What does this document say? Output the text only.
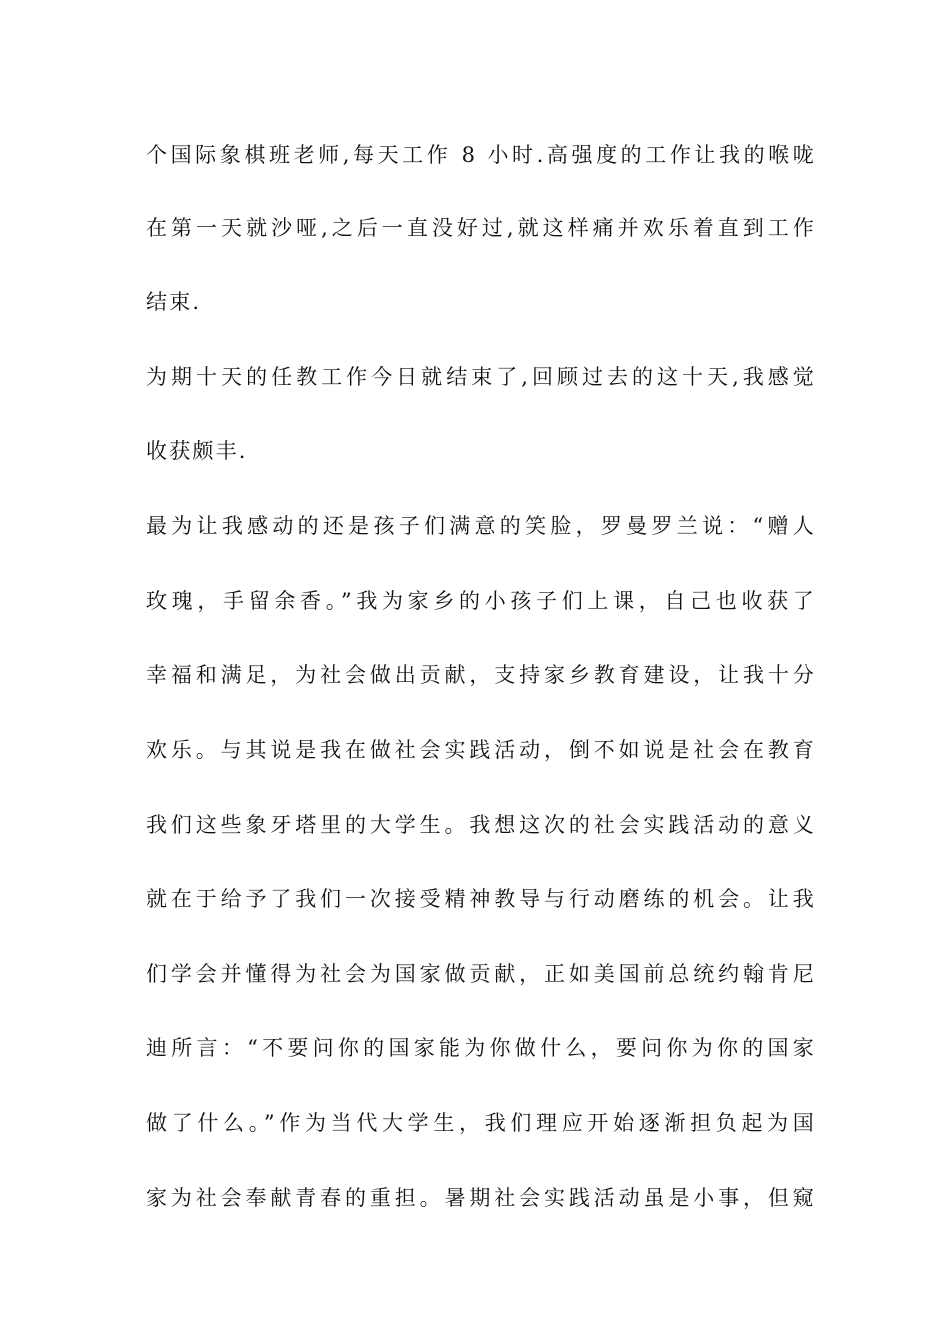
个国际象棋班老师,每天工作 8 小时.高强度的工作让我的喉咙

在第一天就沙哑,之后一直没好过,就这样痛并欢乐着直到工作

结束.

为期十天的任教工作今日就结束了,回顾过去的这十天,我感觉

收获颇丰.

最为让我感动的还是孩子们满意的笑脸，罗曼罗兰说：“赠人

玫瑰，手留余香。”我为家乡的小孩子们上课，自己也收获了

幸福和满足，为社会做出贡献，支持家乡教育建设，让我十分

欢乐。与其说是我在做社会实践活动，倒不如说是社会在教育

我们这些象牙塔里的大学生。我想这次的社会实践活动的意义

就在于给予了我们一次接受精神教导与行动磨练的机会。让我

们学会并懂得为社会为国家做贡献，正如美国前总统约翰肯尼

迪所言：“不要问你的国家能为你做什么，要问你为你的国家

做了什么。”作为当代大学生，我们理应开始逐渐担负起为国

家为社会奉献青春的重担。暑期社会实践活动虽是小事，但窥
